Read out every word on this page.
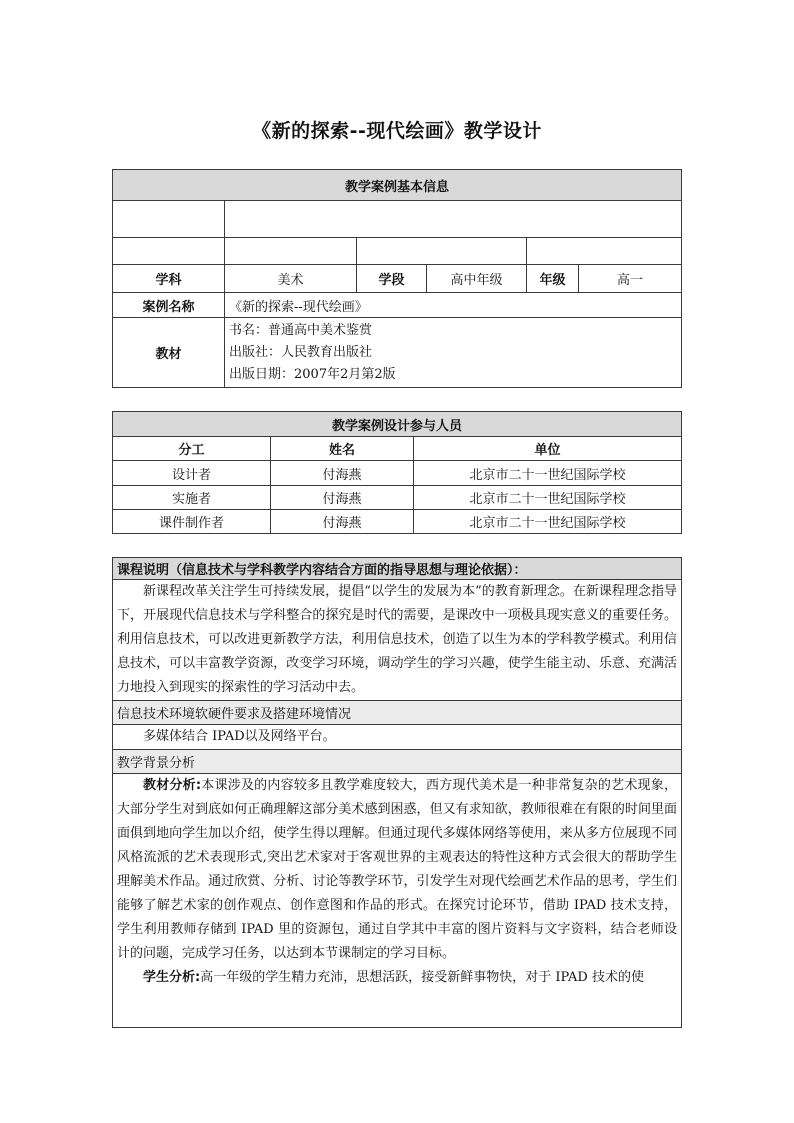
《新的探索--现代绘画》教学设计
教学案例基本信息					

学科	美术	学段	高中年级	年级	高一
案例名称	《新的探索--现代绘画》				
教材	书名：普通高中美术鉴赏
出版社：人民教育出版社
出版日期：2007年2月第2版				
教学案例设计参与人员		
分工	姓名	单位
设计者	付海燕	北京市二十一世纪国际学校
实施者	付海燕	北京市二十一世纪国际学校
课件制作者	付海燕	北京市二十一世纪国际学校
课程说明（信息技术与学科教学内容结合方面的指导思想与理论依据）：
新课程改革关注学生可持续发展，提倡“以学生的发展为本”的教育新理念。在新课程理念指导下，开展现代信息技术与学科整合的探究是时代的需要，是课改中一项极具现实意义的重要任务。利用信息技术，可以改进更新教学方法，利用信息技术，创造了以生为本的学科教学模式。利用信息技术，可以丰富教学资源，改变学习环境，调动学生的学习兴趣，使学生能主动、乐意、充满活力地投入到现实的探索性的学习活动中去。
信息技术环境软硬件要求及搭建环境情况
多媒体结合 IPAD以及网络平台。
教学背景分析

教材分析:本课涉及的内容较多且教学难度较大，西方现代美术是一种非常复杂的艺术现象，大部分学生对到底如何正确理解这部分美术感到困惑，但又有求知欲，教师很难在有限的时间里面面俱到地向学生加以介绍，使学生得以理解。但通过现代多媒体网络等使用，来从多方位展现不同风格流派的艺术表现形式,突出艺术家对于客观世界的主观表达的特性这种方式会很大的帮助学生理解美术作品。通过欣赏、分析、讨论等教学环节，引发学生对现代绘画艺术作品的思考，学生们能够了解艺术家的创作观点、创作意图和作品的形式。在探究讨论环节，借助 IPAD 技术支持，学生利用教师存储到 IPAD 里的资源包，通过自学其中丰富的图片资料与文字资料，结合老师设计的问题，完成学习任务，以达到本节课制定的学习目标。
学生分析:高一年级的学生精力充沛，思想活跃，接受新鲜事物快，对于 IPAD 技术的使
